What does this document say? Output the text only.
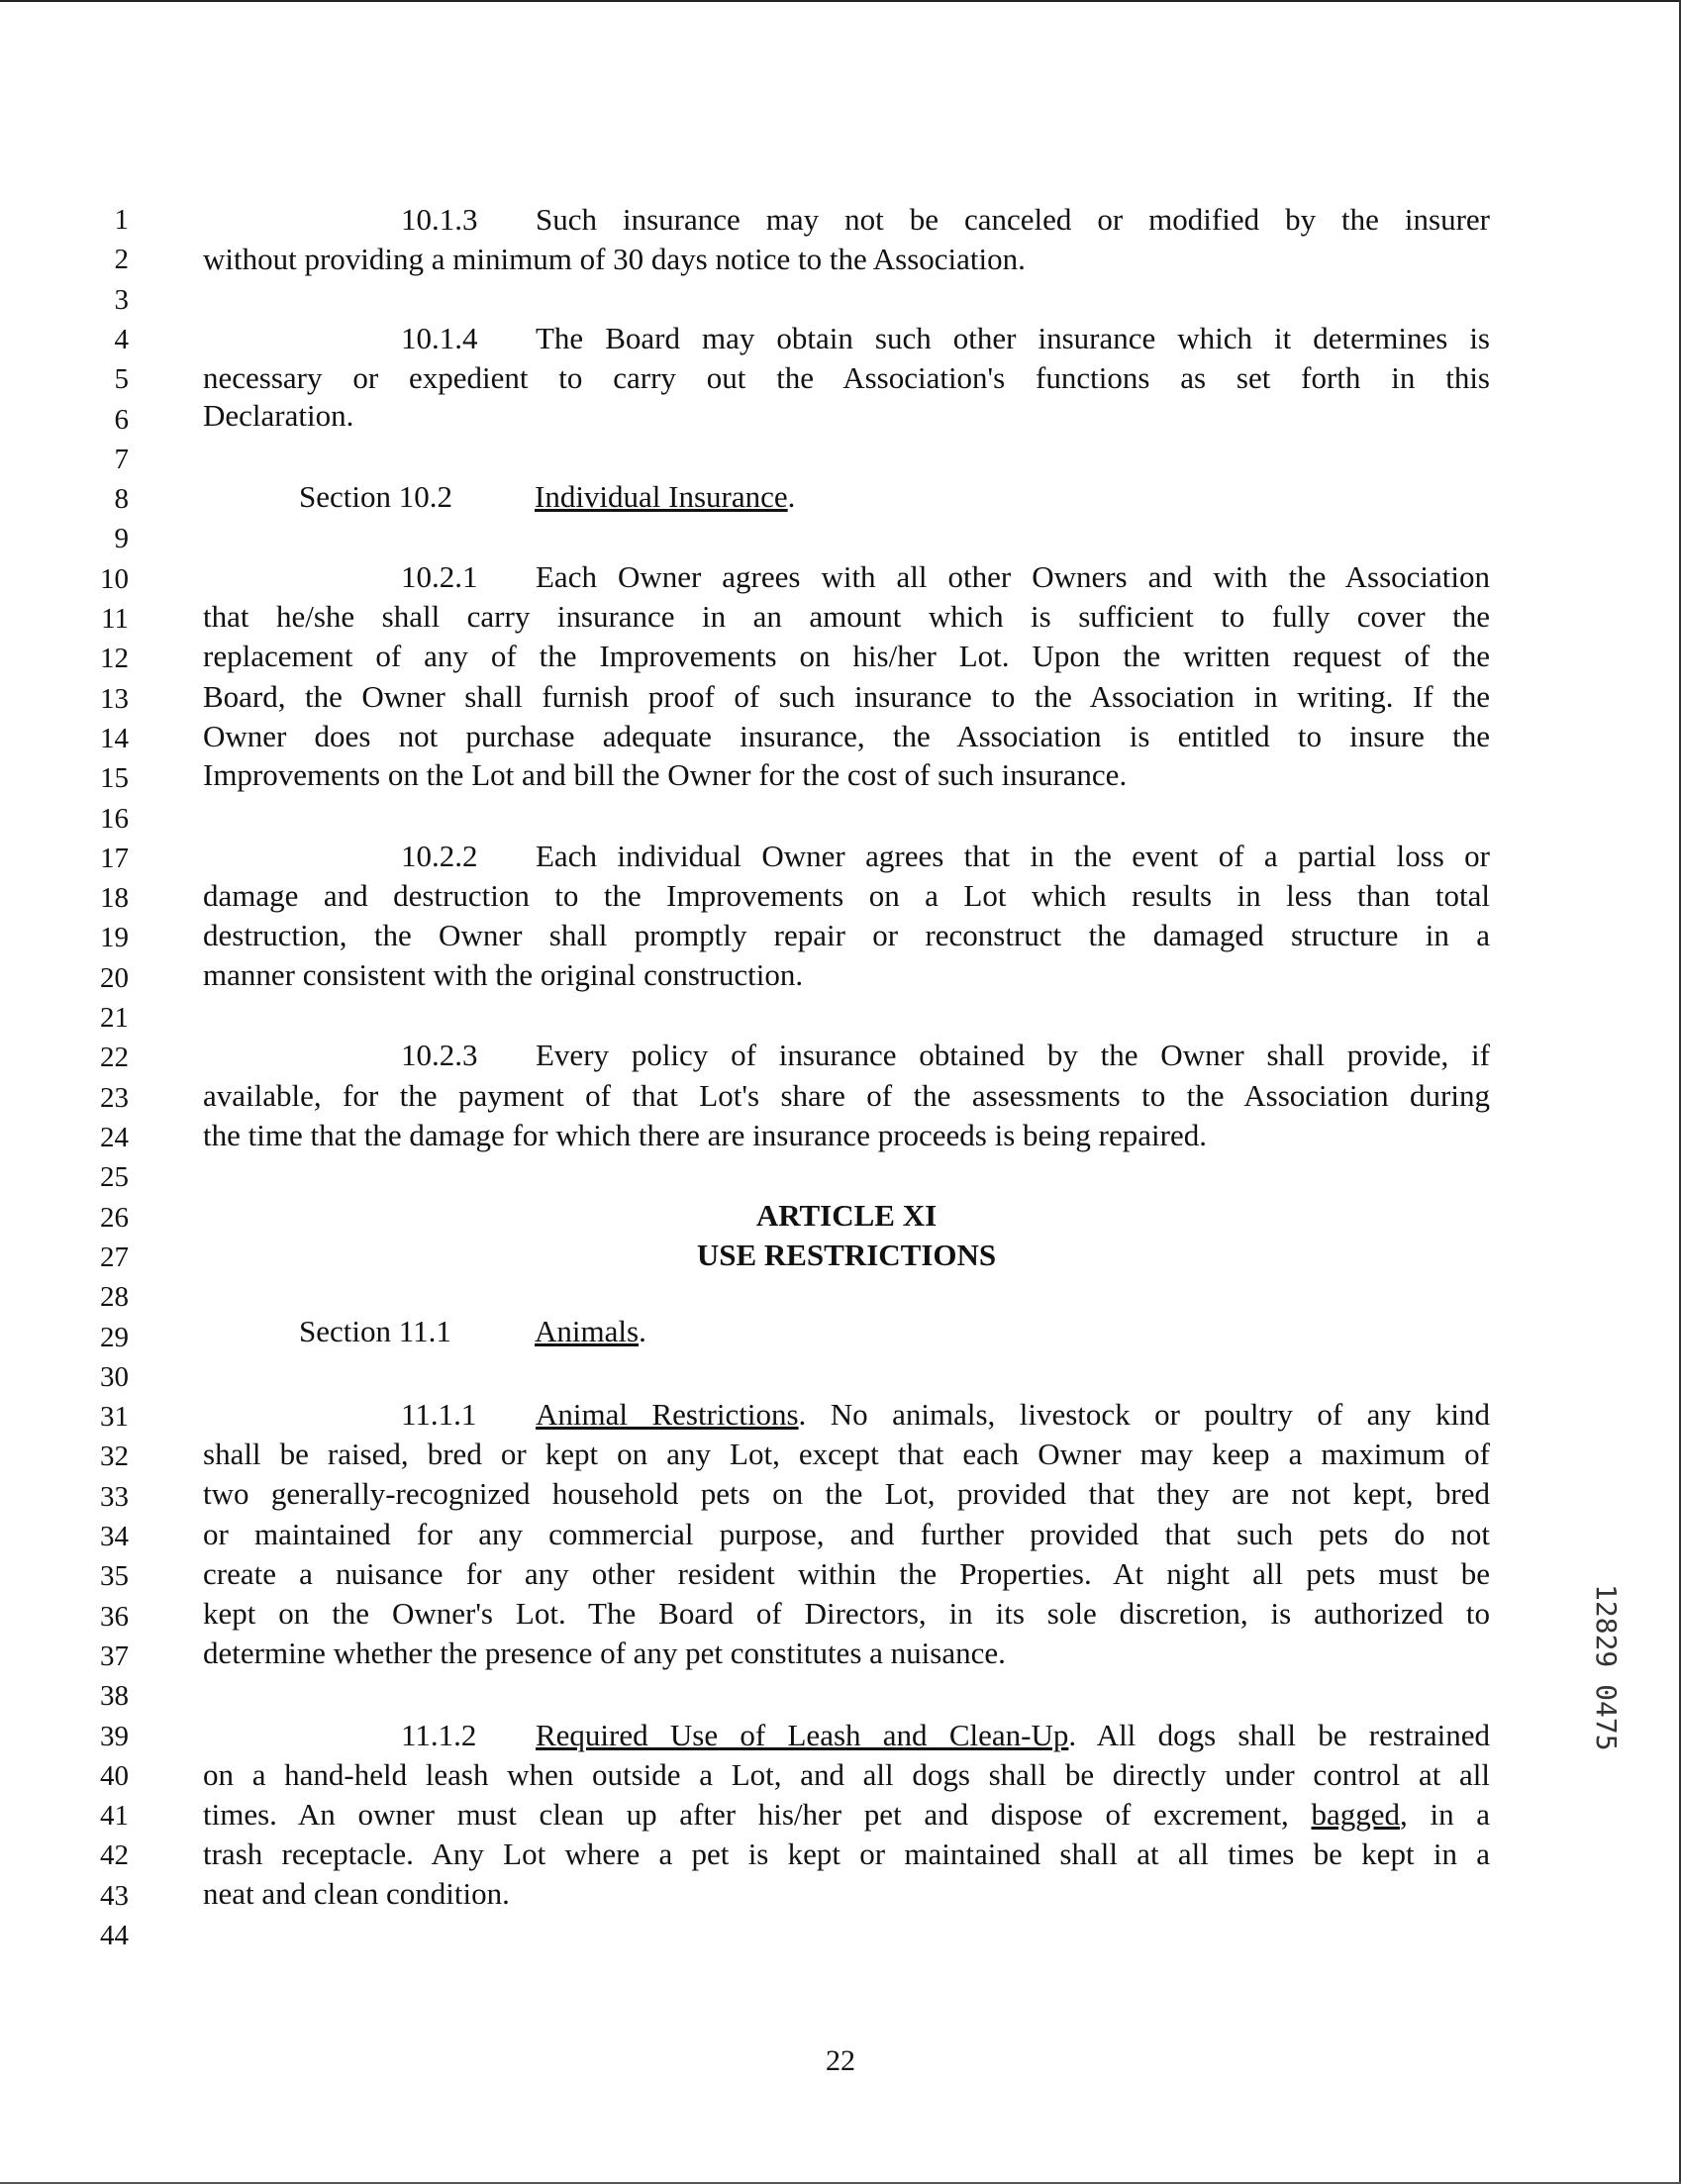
1
2
3
4
5
6
7
8
9
10
11
12
13
14
15
16
17
18
19
20
21
22
23
24
25
26
27
28
29
30
31
32
33
34
35
36
37
38
39
40
41
42
43
44
10.1.3 Such insurance may not be canceled or modified by the insurer
without providing a minimum of 30 days notice to the Association.
10.1.4 The Board may obtain such other insurance which it determines is
necessary or expedient to carry out the Association's functions as set forth in this
Declaration.
Section 10.2	Individual Insurance.
10.2.1 Each Owner agrees with all other Owners and with the Association
that he/she shall carry insurance in an amount which is sufficient to fully cover the
replacement of any of the Improvements on his/her Lot. Upon the written request of the
Board, the Owner shall furnish proof of such insurance to the Association in writing. If the
Owner does not purchase adequate insurance, the Association is entitled to insure the
Improvements on the Lot and bill the Owner for the cost of such insurance.
10.2.2 Each individual Owner agrees that in the event of a partial loss or
damage and destruction to the Improvements on a Lot which results in less than total
destruction, the Owner shall promptly repair or reconstruct the damaged structure in a
manner consistent with the original construction.
10.2.3 Every policy of insurance obtained by the Owner shall provide, if
available, for the payment of that Lot's share of the assessments to the Association during
the time that the damage for which there are insurance proceeds is being repaired.
ARTICLE XI
USE RESTRICTIONS
Section 11.1	Animals.
11.1.1 Animal Restrictions. No animals, livestock or poultry of any kind
shall be raised, bred or kept on any Lot, except that each Owner may keep a maximum of
two generally-recognized household pets on the Lot, provided that they are not kept, bred
or maintained for any commercial purpose, and further provided that such pets do not
create a nuisance for any other resident within the Properties. At night all pets must be
kept on the Owner's Lot. The Board of Directors, in its sole discretion, is authorized to
determine whether the presence of any pet constitutes a nuisance.
11.1.2 Required Use of Leash and Clean-Up. All dogs shall be restrained
on a hand-held leash when outside a Lot, and all dogs shall be directly under control at all
times. An owner must clean up after his/her pet and dispose of excrement, bagged, in a
trash receptacle. Any Lot where a pet is kept or maintained shall at all times be kept in a
neat and clean condition.
12829 0475
22
